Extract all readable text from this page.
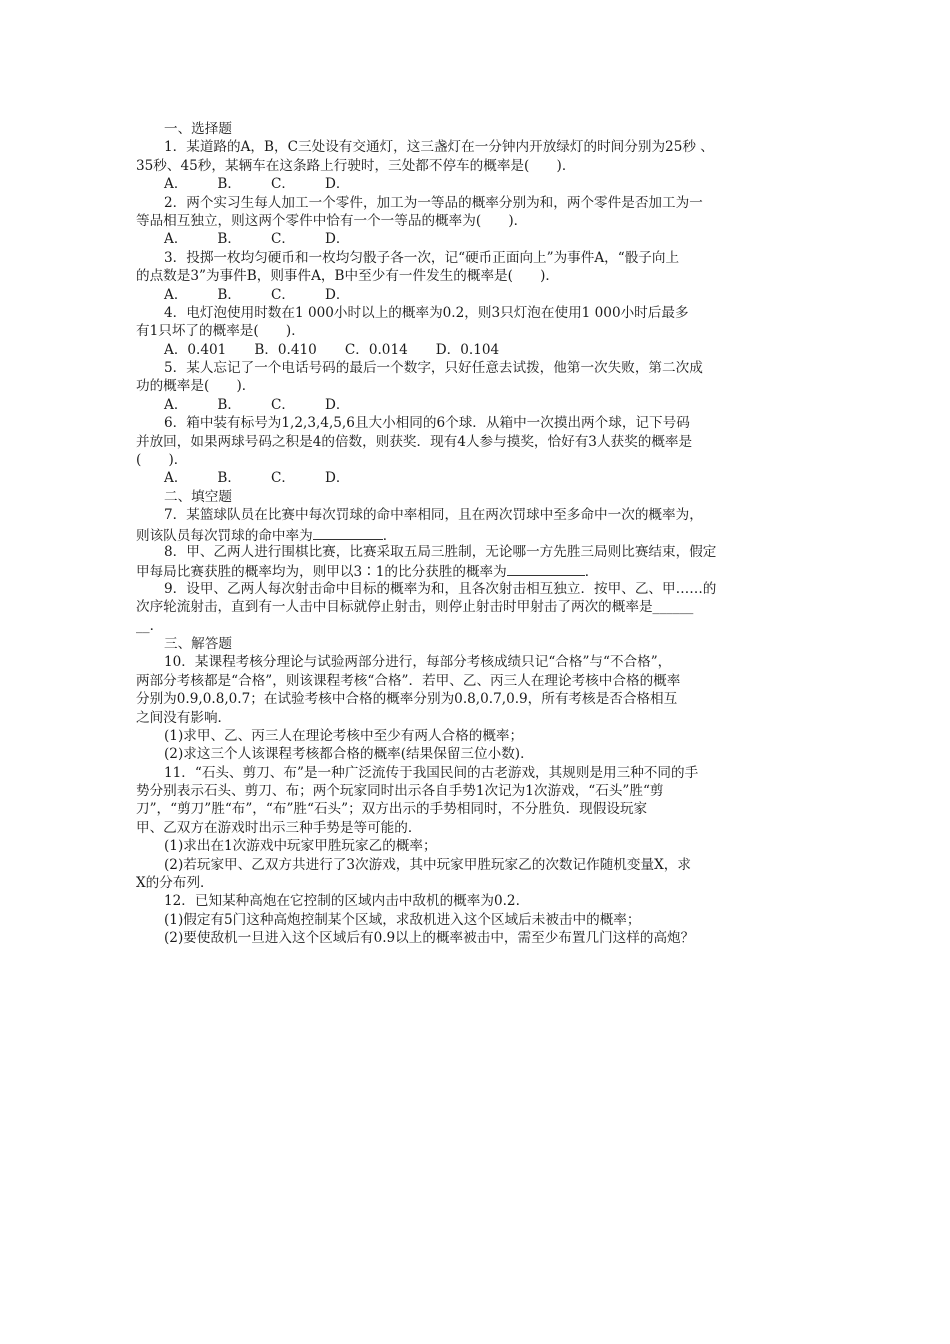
一、选择题
1．某道路的A，B，C三处设有交通灯，这三盏灯在一分钟内开放绿灯的时间分别为25秒 、
35秒、45秒，某辆车在这条路上行驶时，三处都不停车的概率是(　　)．
A． B． C． D．
2．两个实习生每人加工一个零件，加工为一等品的概率分别为和，两个零件是否加工为一
等品相互独立，则这两个零件中恰有一个一等品的概率为(　　)．
A． B． C． D．
3．投掷一枚均匀硬币和一枚均匀骰子各一次，记“硬币正面向上”为事件A，“骰子向上
的点数是3”为事件B，则事件A，B中至少有一件发生的概率是(　　)．
A． B． C． D．
4．电灯泡使用时数在1 000小时以上的概率为0.2，则3只灯泡在使用1 000小时后最多
有1只坏了的概率是(　　)．
A．0.401 B．0.410 C．0.014 D．0.104
5．某人忘记了一个电话号码的最后一个数字，只好任意去试拨，他第一次失败，第二次成
功的概率是(　　)．
A． B． C． D．
6．箱中装有标号为1,2,3,4,5,6且大小相同的6个球．从箱中一次摸出两个球，记下号码
并放回，如果两球号码之积是4的倍数，则获奖．现有4人参与摸奖，恰好有3人获奖的概率是
(　　)．
A． B． C． D．
二、填空题
7．某篮球队员在比赛中每次罚球的命中率相同，且在两次罚球中至多命中一次的概率为，
则该队员每次罚球的命中率为	．
8．甲、乙两人进行围棋比赛，比赛采取五局三胜制，无论哪一方先胜三局则比赛结束，假定
甲每局比赛获胜的概率均为，则甲以3∶1的比分获胜的概率为	．
9．设甲、乙两人每次射击命中目标的概率为和，且各次射击相互独立．按甲、乙、甲……的
次序轮流射击，直到有一人击中目标就停止射击，则停止射击时甲射击了两次的概率是______
__．
三、解答题
10．某课程考核分理论与试验两部分进行，每部分考核成绩只记“合格”与“不合格”，
两部分考核都是“合格”，则该课程考核“合格”．若甲、乙、丙三人在理论考核中合格的概率
分别为0.9,0.8,0.7；在试验考核中合格的概率分别为0.8,0.7,0.9，所有考核是否合格相互
之间没有影响．
(1)求甲、乙、丙三人在理论考核中至少有两人合格的概率；
(2)求这三个人该课程考核都合格的概率(结果保留三位小数)．
11．“石头、剪刀、布”是一种广泛流传于我国民间的古老游戏，其规则是用三种不同的手
势分别表示石头、剪刀、布；两个玩家同时出示各自手势1次记为1次游戏，“石头”胜“剪
刀”，“剪刀”胜“布”，“布”胜“石头”；双方出示的手势相同时，不分胜负．现假设玩家
甲、乙双方在游戏时出示三种手势是等可能的．
(1)求出在1次游戏中玩家甲胜玩家乙的概率；
(2)若玩家甲、乙双方共进行了3次游戏，其中玩家甲胜玩家乙的次数记作随机变量X，求
X的分布列．
12．已知某种高炮在它控制的区域内击中敌机的概率为0.2.
(1)假定有5门这种高炮控制某个区域，求敌机进入这个区域后未被击中的概率；
(2)要使敌机一旦进入这个区域后有0.9以上的概率被击中，需至少布置几门这样的高炮？
